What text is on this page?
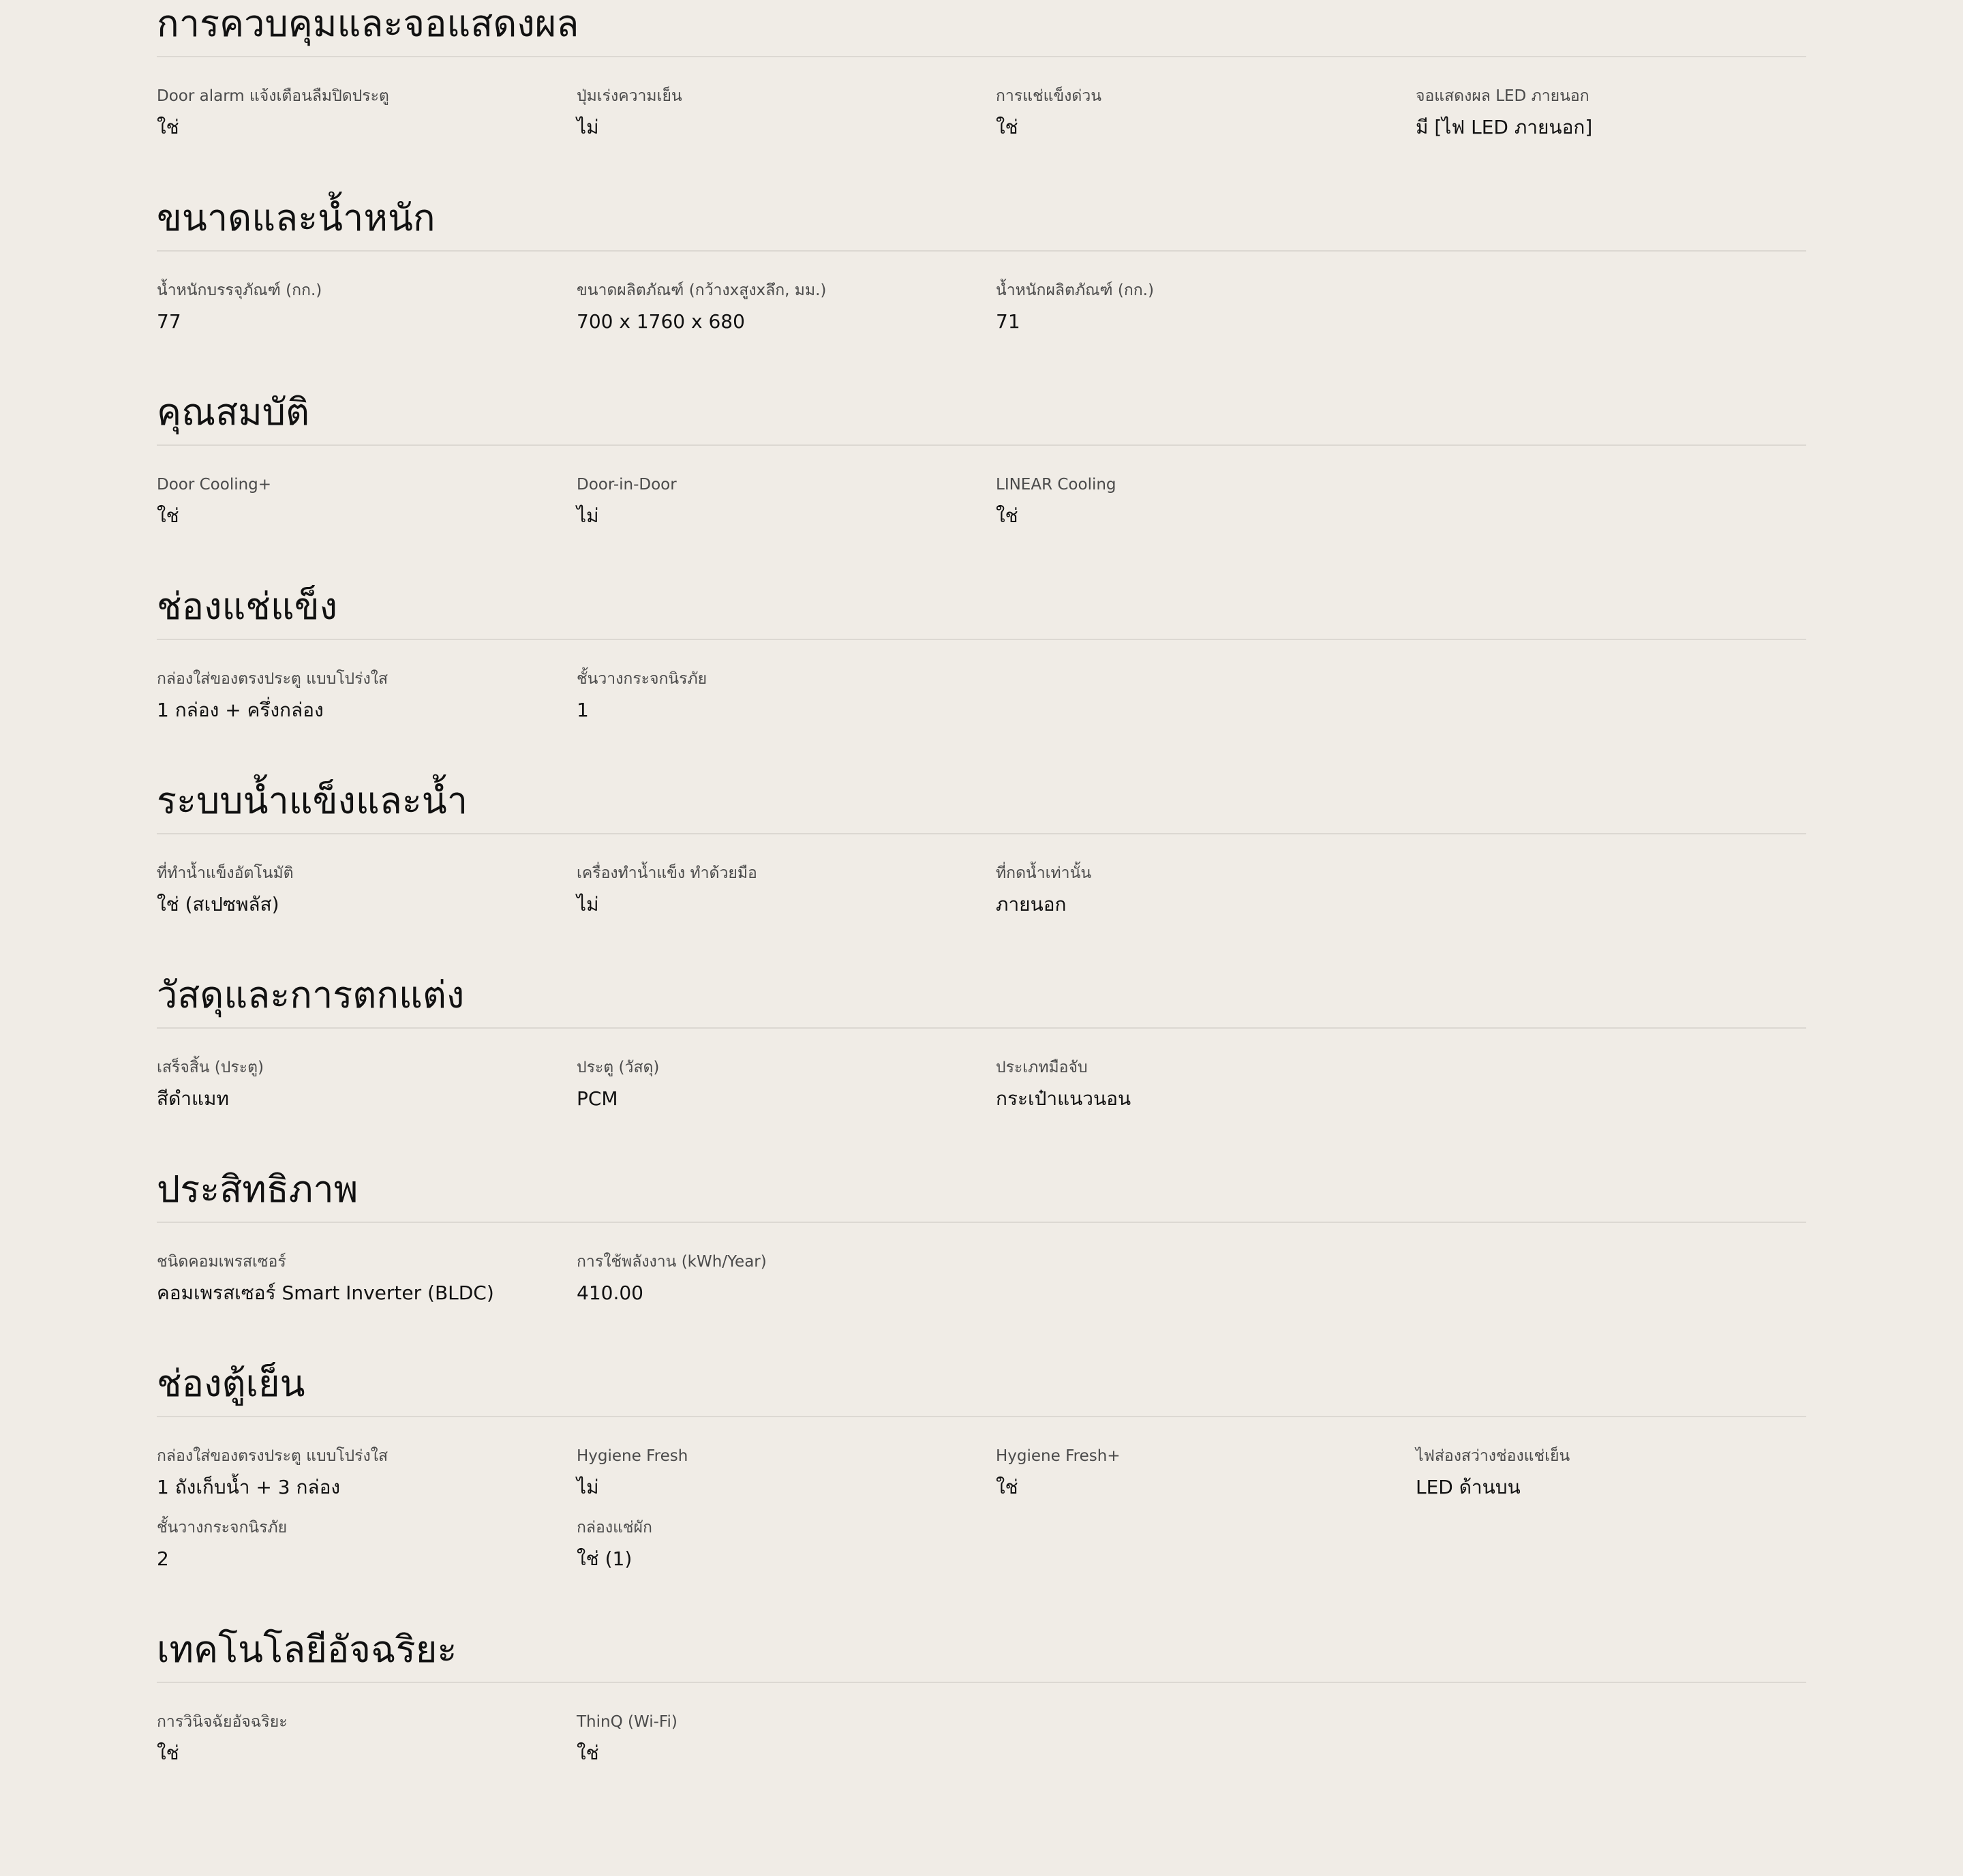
การควบคุมและจอแสดงผล
Door alarm แจ้งเตือนลืมปิดประตู
ใช่
ปุ่มเร่งความเย็น
ไม่
การแช่แข็งด่วน
ใช่
จอแสดงผล LED ภายนอก
มี [ไฟ LED ภายนอก]
ขนาดและน้ำหนัก
น้ำหนักบรรจุภัณฑ์ (กก.)
77
ขนาดผลิตภัณฑ์ (กว้างxสูงxลึก, มม.)
700 x 1760 x 680
น้ำหนักผลิตภัณฑ์ (กก.)
71
คุณสมบัติ
Door Cooling+
ใช่
Door-in-Door
ไม่
LINEAR Cooling
ใช่
ช่องแช่แข็ง
กล่องใส่ของตรงประตู แบบโปร่งใส
1 กล่อง + ครึ่งกล่อง
ชั้นวางกระจกนิรภัย
1
ระบบน้ำแข็งและน้ำ
ที่ทำน้ำแข็งอัตโนมัติ
ใช่ (สเปซพลัส)
เครื่องทำน้ำแข็ง ทำด้วยมือ
ไม่
ที่กดน้ำเท่านั้น
ภายนอก
วัสดุและการตกแต่ง
เสร็จสิ้น (ประตู)
สีดำแมท
ประตู (วัสดุ)
PCM
ประเภทมือจับ
กระเป๋าแนวนอน
ประสิทธิภาพ
ชนิดคอมเพรสเซอร์
คอมเพรสเซอร์ Smart Inverter (BLDC)
การใช้พลังงาน (kWh/Year)
410.00
ช่องตู้เย็น
กล่องใส่ของตรงประตู แบบโปร่งใส
1 ถังเก็บน้ำ + 3 กล่อง
Hygiene Fresh
ไม่
Hygiene Fresh+
ใช่
ไฟส่องสว่างช่องแช่เย็น
LED ด้านบน
ชั้นวางกระจกนิรภัย
2
กล่องแช่ผัก
ใช่ (1)
เทคโนโลยีอัจฉริยะ
การวินิจฉัยอัจฉริยะ
ใช่
ThinQ (Wi-Fi)
ใช่
